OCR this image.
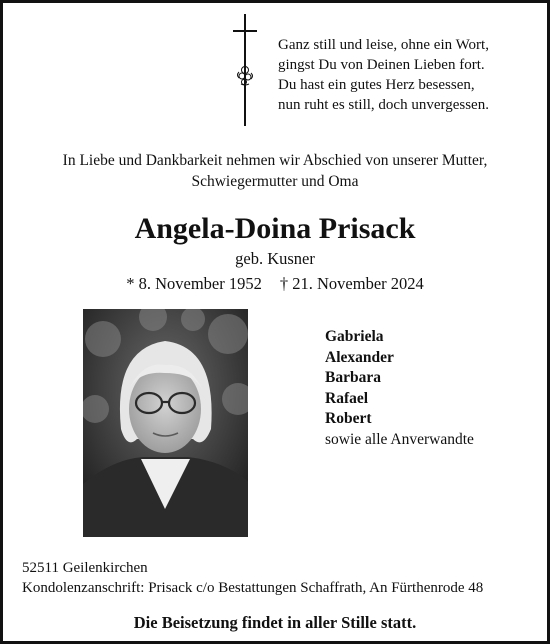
Ganz still und leise, ohne ein Wort,
gingst Du von Deinen Lieben fort.
Du hast ein gutes Herz besessen,
nun ruht es still, doch unvergessen.
In Liebe und Dankbarkeit nehmen wir Abschied von unserer Mutter,
Schwiegermutter und Oma
Angela-Doina Prisack
geb. Kusner
* 8. November 1952 † 21. November 2024
Gabriela
Alexander
Barbara
Rafael
Robert
sowie alle Anverwandte
52511 Geilenkirchen
Kondolenzanschrift: Prisack c/o Bestattungen Schaffrath, An Fürthenrode 48
Die Beisetzung findet in aller Stille statt.
